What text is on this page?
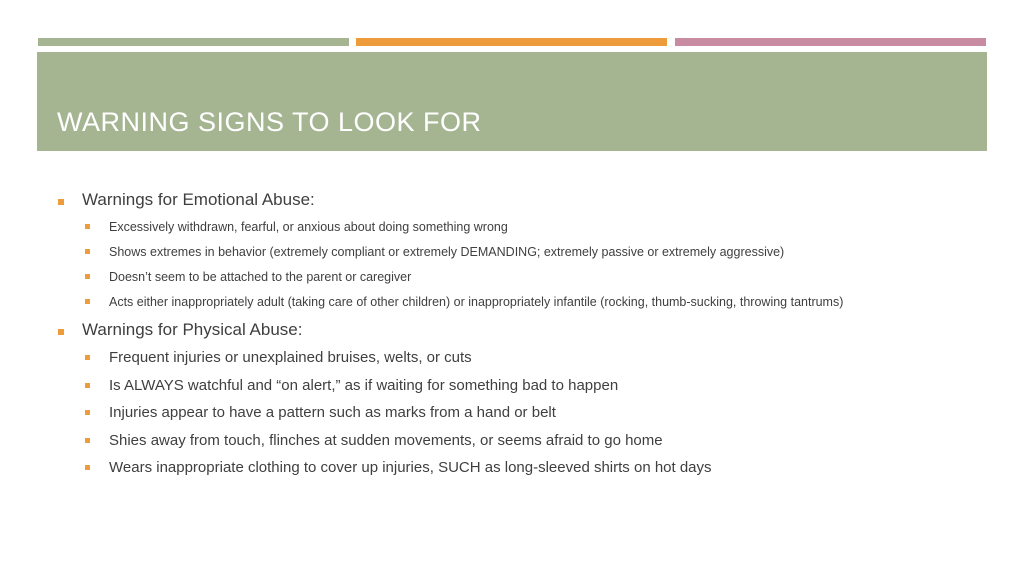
WARNING SIGNS TO LOOK FOR
Warnings for Emotional Abuse:
Excessively withdrawn, fearful, or anxious about doing something wrong
Shows extremes in behavior (extremely compliant or extremely DEMANDING; extremely passive or extremely aggressive)
Doesn’t seem to be attached to the parent or caregiver
Acts either inappropriately adult (taking care of other children) or inappropriately infantile (rocking, thumb-sucking, throwing tantrums)
Warnings for Physical Abuse:
Frequent injuries or unexplained bruises, welts, or cuts
Is ALWAYS watchful and “on alert,” as if waiting for something bad to happen
Injuries appear to have a pattern such as marks from a hand or belt
Shies away from touch, flinches at sudden movements, or seems afraid to go home
Wears inappropriate clothing to cover up injuries, SUCH as long-sleeved shirts on hot days
